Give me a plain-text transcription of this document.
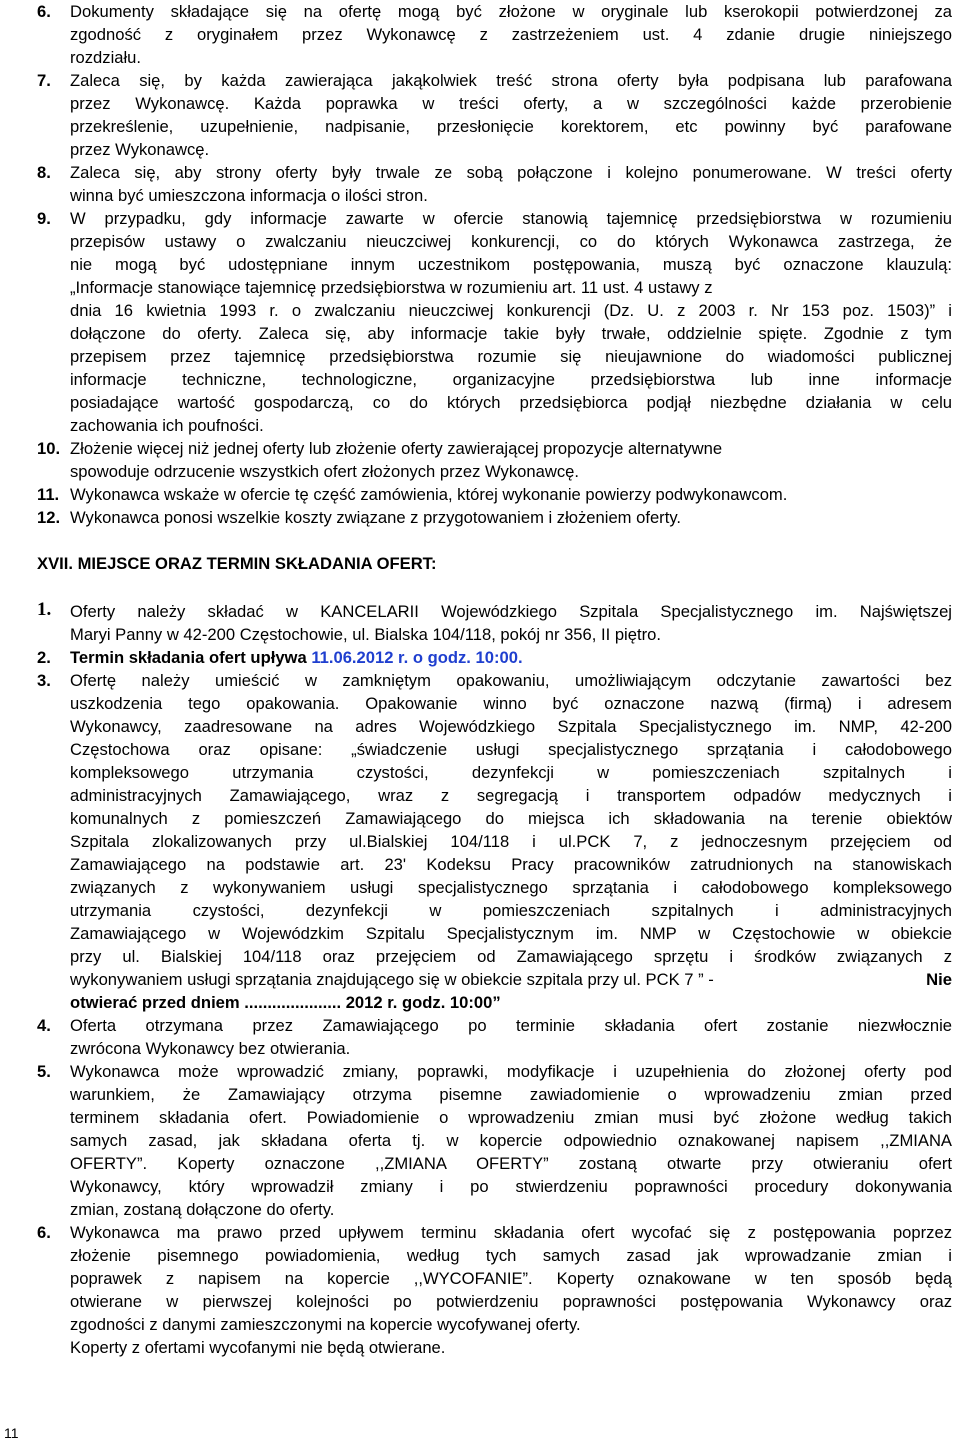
6. Dokumenty składające się na ofertę mogą być złożone w oryginale lub kserokopii potwierdzonej za
zgodność z oryginałem przez Wykonawcę z zastrzeżeniem ust. 4 zdanie drugie niniejszego
rozdziału.
7. Zaleca się, by każda zawierająca jakąkolwiek treść strona oferty była podpisana lub parafowana
przez Wykonawcę. Każda poprawka w treści oferty, a w szczególności każde przerobienie
przekreślenie, uzupełnienie, nadpisanie, przesłonięcie korektorem, etc powinny być parafowane
przez Wykonawcę.
8. Zaleca się, aby strony oferty były trwale ze sobą połączone i kolejno ponumerowane. W treści oferty
winna być umieszczona informacja o ilości stron.
9. W przypadku, gdy informacje zawarte w ofercie stanowią tajemnicę przedsiębiorstwa w rozumieniu
przepisów ustawy o zwalczaniu nieuczciwej konkurencji, co do których Wykonawca zastrzega, że
nie mogą być udostępniane innym uczestnikom postępowania, muszą być oznaczone klauzulą:
„Informacje stanowiące tajemnicę przedsiębiorstwa w rozumieniu art. 11 ust. 4 ustawy z
dnia 16 kwietnia 1993 r. o zwalczaniu nieuczciwej konkurencji (Dz. U. z 2003 r. Nr 153 poz. 1503)” i
dołączone do oferty. Zaleca się, aby informacje takie były trwałe, oddzielnie spięte. Zgodnie z tym
przepisem przez tajemnicę przedsiębiorstwa rozumie się nieujawnione do wiadomości publicznej
informacje techniczne, technologiczne, organizacyjne przedsiębiorstwa lub inne informacje
posiadające wartość gospodarczą, co do których przedsiębiorca podjął niezbędne działania w celu
zachowania ich poufności.
10. Złożenie więcej niż jednej oferty lub złożenie oferty zawierającej propozycje alternatywne
spowoduje odrzucenie wszystkich ofert złożonych przez Wykonawcę.
11. Wykonawca wskaże w ofercie tę część zamówienia, której wykonanie powierzy podwykonawcom.
12. Wykonawca ponosi wszelkie koszty związane z przygotowaniem i złożeniem oferty.
XVII. MIEJSCE ORAZ TERMIN SKŁADANIA OFERT:
1. Oferty należy składać w KANCELARII Wojewódzkiego Szpitala Specjalistycznego im. Najświętszej
Maryi Panny w 42-200 Częstochowie, ul. Bialska 104/118, pokój nr 356, II piętro.
2. Termin składania ofert upływa 11.06.2012 r. o godz. 10:00.
3. Ofertę należy umieścić w zamkniętym opakowaniu, umożliwiającym odczytanie zawartości bez
uszkodzenia tego opakowania. Opakowanie winno być oznaczone nazwą (firmą) i adresem
Wykonawcy, zaadresowane na adres Wojewódzkiego Szpitala Specjalistycznego im. NMP, 42-200
Częstochowa oraz opisane: „świadczenie usługi specjalistycznego sprzątania i całodobowego
kompleksowego utrzymania czystości, dezynfekcji w pomieszczeniach szpitalnych i
administracyjnych Zamawiającego, wraz z segregacją i transportem odpadów medycznych i
komunalnych z pomieszczeń Zamawiającego do miejsca ich składowania na terenie obiektów
Szpitala zlokalizowanych przy ul.Bialskiej 104/118 i ul.PCK 7, z jednoczesnym przejęciem od
Zamawiającego na podstawie art. 23' Kodeksu Pracy pracowników zatrudnionych na stanowiskach
związanych z wykonywaniem usługi specjalistycznego sprzątania i całodobowego kompleksowego
utrzymania czystości, dezynfekcji w pomieszczeniach szpitalnych i administracyjnych
Zamawiającego w Wojewódzkim Szpitalu Specjalistycznym im. NMP w Częstochowie w obiekcie
przy ul. Bialskiej 104/118 oraz przejęciem od Zamawiającego sprzętu i środków związanych z
wykonywaniem usługi sprzątania znajdującego się w obiekcie szpitala przy ul. PCK 7 ” -	Nie
otwierać przed dniem ..................... 2012 r. godz. 10:00”
4. Oferta otrzymana przez Zamawiającego po terminie składania ofert zostanie niezwłocznie
zwrócona Wykonawcy bez otwierania.
5. Wykonawca może wprowadzić zmiany, poprawki, modyfikacje i uzupełnienia do złożonej oferty pod
warunkiem, że Zamawiający otrzyma pisemne zawiadomienie o wprowadzeniu zmian przed
terminem składania ofert. Powiadomienie o wprowadzeniu zmian musi być złożone według takich
samych zasad, jak składana oferta tj. w kopercie odpowiednio oznakowanej napisem ,,ZMIANA
OFERTY”. Koperty oznaczone ,,ZMIANA OFERTY” zostaną otwarte przy otwieraniu ofert
Wykonawcy, który wprowadził zmiany i po stwierdzeniu poprawności procedury dokonywania
zmian, zostaną dołączone do oferty.
6. Wykonawca ma prawo przed upływem terminu składania ofert wycofać się z postępowania poprzez
złożenie pisemnego powiadomienia, według tych samych zasad jak wprowadzanie zmian i
poprawek z napisem na kopercie ,,WYCOFANIE”. Koperty oznakowane w ten sposób będą
otwierane w pierwszej kolejności po potwierdzeniu poprawności postępowania Wykonawcy oraz
zgodności z danymi zamieszczonymi na kopercie wycofywanej oferty.
Koperty z ofertami wycofanymi nie będą otwierane.
11
